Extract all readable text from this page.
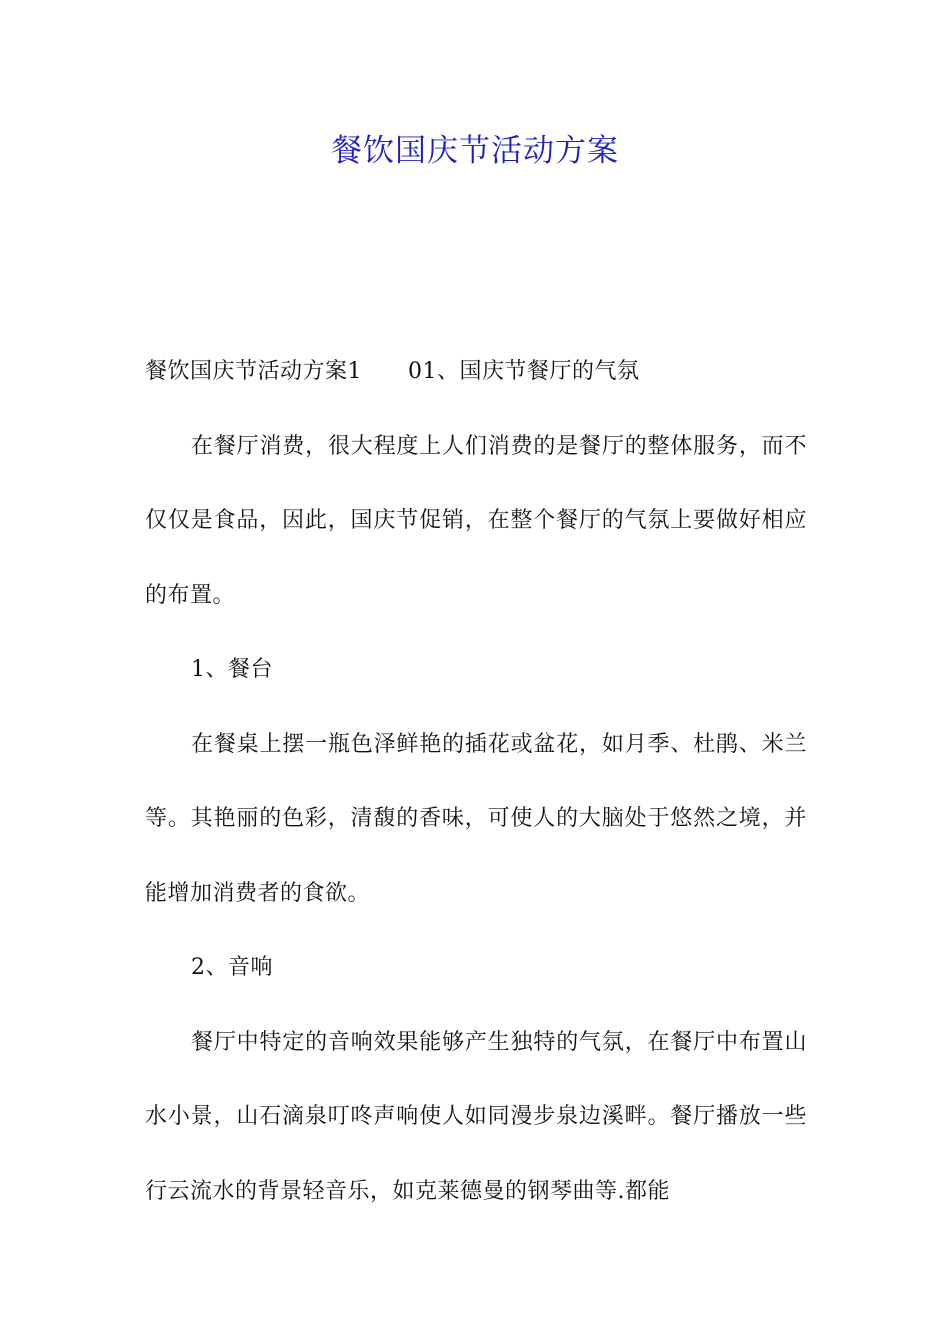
餐饮国庆节活动方案

餐饮国庆节活动方案1 01、国庆节餐厅的气氛

在餐厅消费，很大程度上人们消费的是餐厅的整体服务，而不仅仅是食品，因此，国庆节促销，在整个餐厅的气氛上要做好相应的布置。

1、餐台

在餐桌上摆一瓶色泽鲜艳的插花或盆花，如月季、杜鹃、米兰等。其艳丽的色彩，清馥的香味，可使人的大脑处于悠然之境，并能增加消费者的食欲。

2、音响

餐厅中特定的音响效果能够产生独特的气氛，在餐厅中布置山水小景，山石滴泉叮咚声响使人如同漫步泉边溪畔。餐厅播放一些行云流水的背景轻音乐，如克莱德曼的钢琴曲等.都能
